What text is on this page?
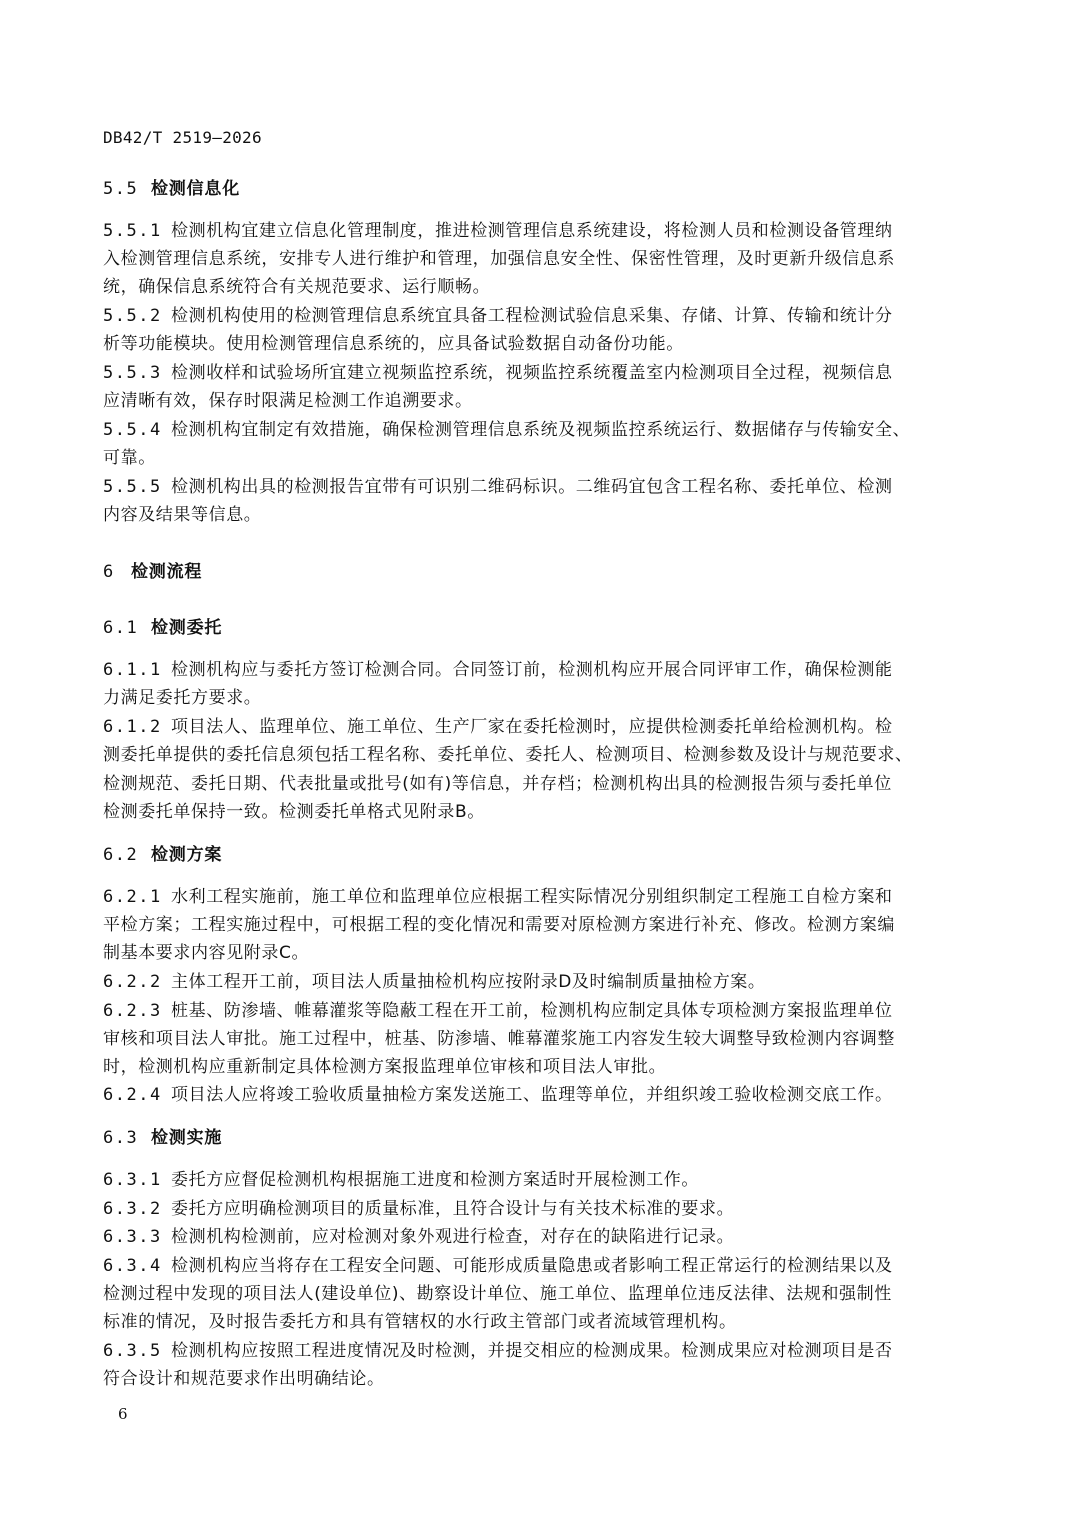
DB42/T 2519—2026
5.5 检测信息化
5.5.1 检测机构宜建立信息化管理制度，推进检测管理信息系统建设，将检测人员和检测设备管理纳
入检测管理信息系统，安排专人进行维护和管理，加强信息安全性、保密性管理，及时更新升级信息系
统，确保信息系统符合有关规范要求、运行顺畅。
5.5.2 检测机构使用的检测管理信息系统宜具备工程检测试验信息采集、存储、计算、传输和统计分
析等功能模块。使用检测管理信息系统的，应具备试验数据自动备份功能。
5.5.3 检测收样和试验场所宜建立视频监控系统，视频监控系统覆盖室内检测项目全过程，视频信息
应清晰有效，保存时限满足检测工作追溯要求。
5.5.4 检测机构宜制定有效措施，确保检测管理信息系统及视频监控系统运行、数据储存与传输安全、
可靠。
5.5.5 检测机构出具的检测报告宜带有可识别二维码标识。二维码宜包含工程名称、委托单位、检测
内容及结果等信息。
6 检测流程
6.1 检测委托
6.1.1 检测机构应与委托方签订检测合同。合同签订前，检测机构应开展合同评审工作，确保检测能
力满足委托方要求。
6.1.2 项目法人、监理单位、施工单位、生产厂家在委托检测时，应提供检测委托单给检测机构。检
测委托单提供的委托信息须包括工程名称、委托单位、委托人、检测项目、检测参数及设计与规范要求、
检测规范、委托日期、代表批量或批号(如有)等信息，并存档；检测机构出具的检测报告须与委托单位
检测委托单保持一致。检测委托单格式见附录B。
6.2 检测方案
6.2.1 水利工程实施前，施工单位和监理单位应根据工程实际情况分别组织制定工程施工自检方案和
平检方案；工程实施过程中，可根据工程的变化情况和需要对原检测方案进行补充、修改。检测方案编
制基本要求内容见附录C。
6.2.2 主体工程开工前，项目法人质量抽检机构应按附录D及时编制质量抽检方案。
6.2.3 桩基、防渗墙、帷幕灌浆等隐蔽工程在开工前，检测机构应制定具体专项检测方案报监理单位
审核和项目法人审批。施工过程中，桩基、防渗墙、帷幕灌浆施工内容发生较大调整导致检测内容调整
时，检测机构应重新制定具体检测方案报监理单位审核和项目法人审批。
6.2.4 项目法人应将竣工验收质量抽检方案发送施工、监理等单位，并组织竣工验收检测交底工作。
6.3 检测实施
6.3.1 委托方应督促检测机构根据施工进度和检测方案适时开展检测工作。
6.3.2 委托方应明确检测项目的质量标准，且符合设计与有关技术标准的要求。
6.3.3 检测机构检测前，应对检测对象外观进行检查，对存在的缺陷进行记录。
6.3.4 检测机构应当将存在工程安全问题、可能形成质量隐患或者影响工程正常运行的检测结果以及
检测过程中发现的项目法人(建设单位)、勘察设计单位、施工单位、监理单位违反法律、法规和强制性
标准的情况，及时报告委托方和具有管辖权的水行政主管部门或者流域管理机构。
6.3.5 检测机构应按照工程进度情况及时检测，并提交相应的检测成果。检测成果应对检测项目是否
符合设计和规范要求作出明确结论。
6
